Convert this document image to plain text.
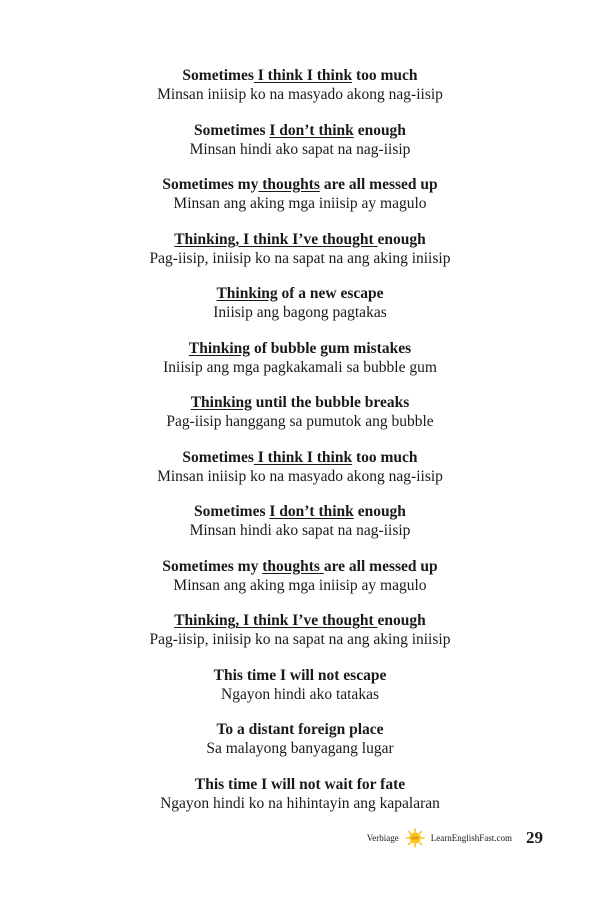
Sometimes I think I think too much
Minsan iniisip ko na masyado akong nag-iisip
Sometimes I don’t think enough
Minsan hindi ako sapat na nag-iisip
Sometimes my thoughts are all messed up
Minsan ang aking mga iniisip ay magulo
Thinking, I think I’ve thought enough
Pag-iisip, iniisip ko na sapat na ang aking iniisip
Thinking of a new escape
Iniisip ang bagong pagtakas
Thinking of bubble gum mistakes
Iniisip ang mga pagkakamali sa bubble gum
Thinking until the bubble breaks
Pag-iisip hanggang sa pumutok ang bubble
Sometimes I think I think too much
Minsan iniisip ko na masyado akong nag-iisip
Sometimes I don’t think enough
Minsan hindi ako sapat na nag-iisip
Sometimes my thoughts are all messed up
Minsan ang aking mga iniisip ay magulo
Thinking, I think I’ve thought enough
Pag-iisip, iniisip ko na sapat na ang aking iniisip
This time I will not escape
Ngayon hindi ako tatakas
To a distant foreign place
Sa malayong banyagang lugar
This time I will not wait for fate
Ngayon hindi ko na hihintayin ang kapalaran
Verbiage	LearnEnglishFast.com 29
